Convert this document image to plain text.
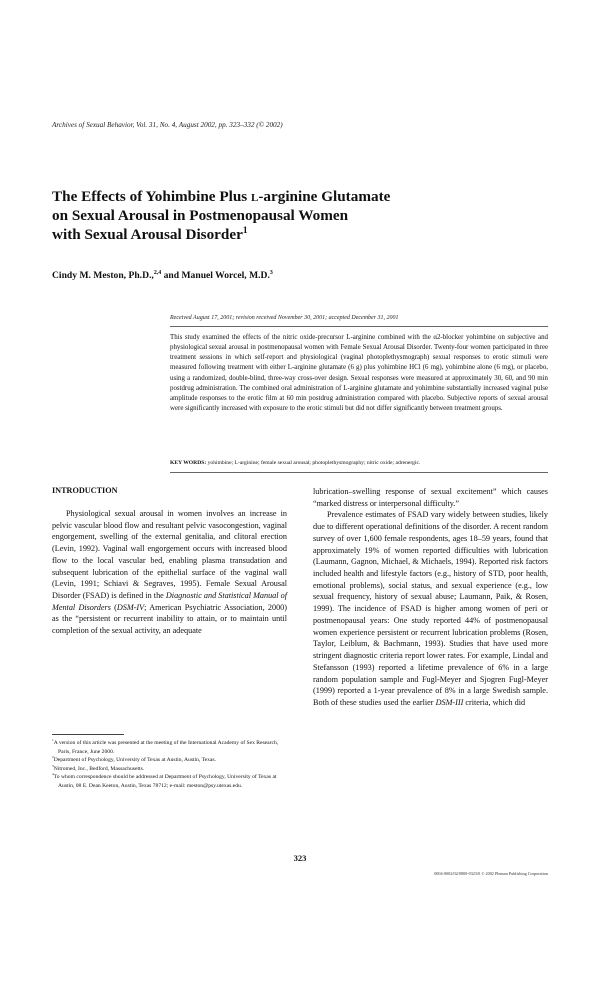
Archives of Sexual Behavior, Vol. 31, No. 4, August 2002, pp. 323–332 (© 2002)
The Effects of Yohimbine Plus l-arginine Glutamate
on Sexual Arousal in Postmenopausal Women
with Sexual Arousal Disorder$^1$
Cindy M. Meston, Ph.D.,$^{2,4}$ and Manuel Worcel, M.D.$^3$
Received August 17, 2001; revision received November 30, 2001; accepted December 31, 2001
This study examined the effects of the nitric oxide-precursor L-arginine combined with the α2-blocker yohimbine on subjective and physiological sexual arousal in postmenopausal women with Female Sexual Arousal Disorder. Twenty-four women participated in three treatment sessions in which self-report and physiological (vaginal photoplethysmograph) sexual responses to erotic stimuli were measured following treatment with either L-arginine glutamate (6 g) plus yohimbine HCl (6 mg), yohimbine alone (6 mg), or placebo, using a randomized, double-blind, three-way cross-over design. Sexual responses were measured at approximately 30, 60, and 90 min postdrug administration. The combined oral administration of L-arginine glutamate and yohimbine substantially increased vaginal pulse amplitude responses to the erotic film at 60 min postdrug administration compared with placebo. Subjective reports of sexual arousal were significantly increased with exposure to the erotic stimuli but did not differ significantly between treatment groups.
KEY WORDS: yohimbine; L-arginine; female sexual arousal; photoplethysmography; nitric oxide; adrenergic.
INTRODUCTION
Physiological sexual arousal in women involves an increase in pelvic vascular blood flow and resultant pelvic vasocongestion, vaginal engorgement, swelling of the external genitalia, and clitoral erection (Levin, 1992). Vaginal wall engorgement occurs with increased blood flow to the local vascular bed, enabling plasma transudation and subsequent lubrication of the epithelial surface of the vaginal wall (Levin, 1991; Schiavi & Segraves, 1995). Female Sexual Arousal Disorder (FSAD) is defined in the Diagnostic and Statistical Manual of Mental Disorders (DSM-IV; American Psychiatric Association, 2000) as the “persistent or recurrent inability to attain, or to maintain until completion of the sexual activity, an adequate
lubrication–swelling response of sexual excitement” which causes “marked distress or interpersonal difficulty.”
Prevalence estimates of FSAD vary widely between studies, likely due to different operational definitions of the disorder. A recent random survey of over 1,600 female respondents, ages 18–59 years, found that approximately 19% of women reported difficulties with lubrication (Laumann, Gagnon, Michael, & Michaels, 1994). Reported risk factors included health and lifestyle factors (e.g., history of STD, poor health, emotional problems), social status, and sexual experience (e.g., low sexual frequency, history of sexual abuse; Laumann, Paik, & Rosen, 1999). The incidence of FSAD is higher among women of peri or postmenopausal years: One study reported 44% of postmenopausal women experience persistent or recurrent lubrication problems (Rosen, Taylor, Leiblum, & Bachmann, 1993). Studies that have used more stringent diagnostic criteria report lower rates. For example, Lindal and Stefansson (1993) reported a lifetime prevalence of 6% in a large random population sample and Fugl-Meyer and Sjogren Fugl-Meyer (1999) reported a 1-year prevalence of 8% in a large Swedish sample. Both of these studies used the earlier DSM-III criteria, which did

$^1$A version of this article was presented at the meeting of the International Academy of Sex Research, Paris, France, June 2000.

$^2$Department of Psychology, University of Texas at Austin, Austin, Texas.

$^3$Nitromed, Inc., Bedford, Massachusetts.

$^4$To whom correspondence should be addressed at Department of Psychology, University of Texas at Austin, 08 E. Dean Keeton, Austin, Texas 78712; e-mail: meston@psy.utexas.edu.

323
0004-0002/02/0800-0323/0 © 2002 Plenum Publishing Corporation
